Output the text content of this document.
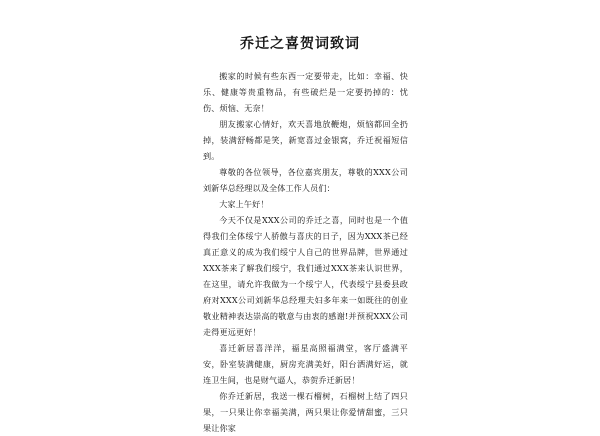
乔迁之喜贺词致词

搬家的时候有些东西一定要带走，比如：幸福、快乐、健康等贵重物品，有些破烂是一定要扔掉的：忧伤、烦恼、无奈！

朋友搬家心情好，欢天喜地放鞭炮，烦恼都回全扔掉，装满舒畅都是笑，新宽喜过金银窝，乔迁祝福短信到。

尊敬的各位领导，各位嘉宾朋友，尊敬的XXX公司刘新华总经理以及全体工作人员们：

大家上午好！

今天不仅是XXX公司的乔迁之喜，同时也是一个值得我们全体绥宁人骄傲与喜庆的日子，因为XXX茶已经真正意义的成为我们绥宁人自己的世界品牌，世界通过XXX茶来了解我们绥宁，我们通过XXX茶来认识世界，在这里，请允许我做为一个绥宁人，代表绥宁县委县政府对XXX公司刘新华总经理夫妇多年来一如既往的创业敬业精神表达崇高的敬意与由衷的感谢!并预祝XXX公司走得更远更好！

喜迁新居喜洋洋，福星高照福满堂，客厅盛满平安，卧室装满健康，厨房充满美好，阳台洒满好运，就连卫生间，也是财气逼人，恭贺乔迁新居！

你乔迁新居，我送一棵石榴树，石榴树上结了四只果，一只果让你幸福美满，两只果让你爱情甜蜜，三只果让你家
